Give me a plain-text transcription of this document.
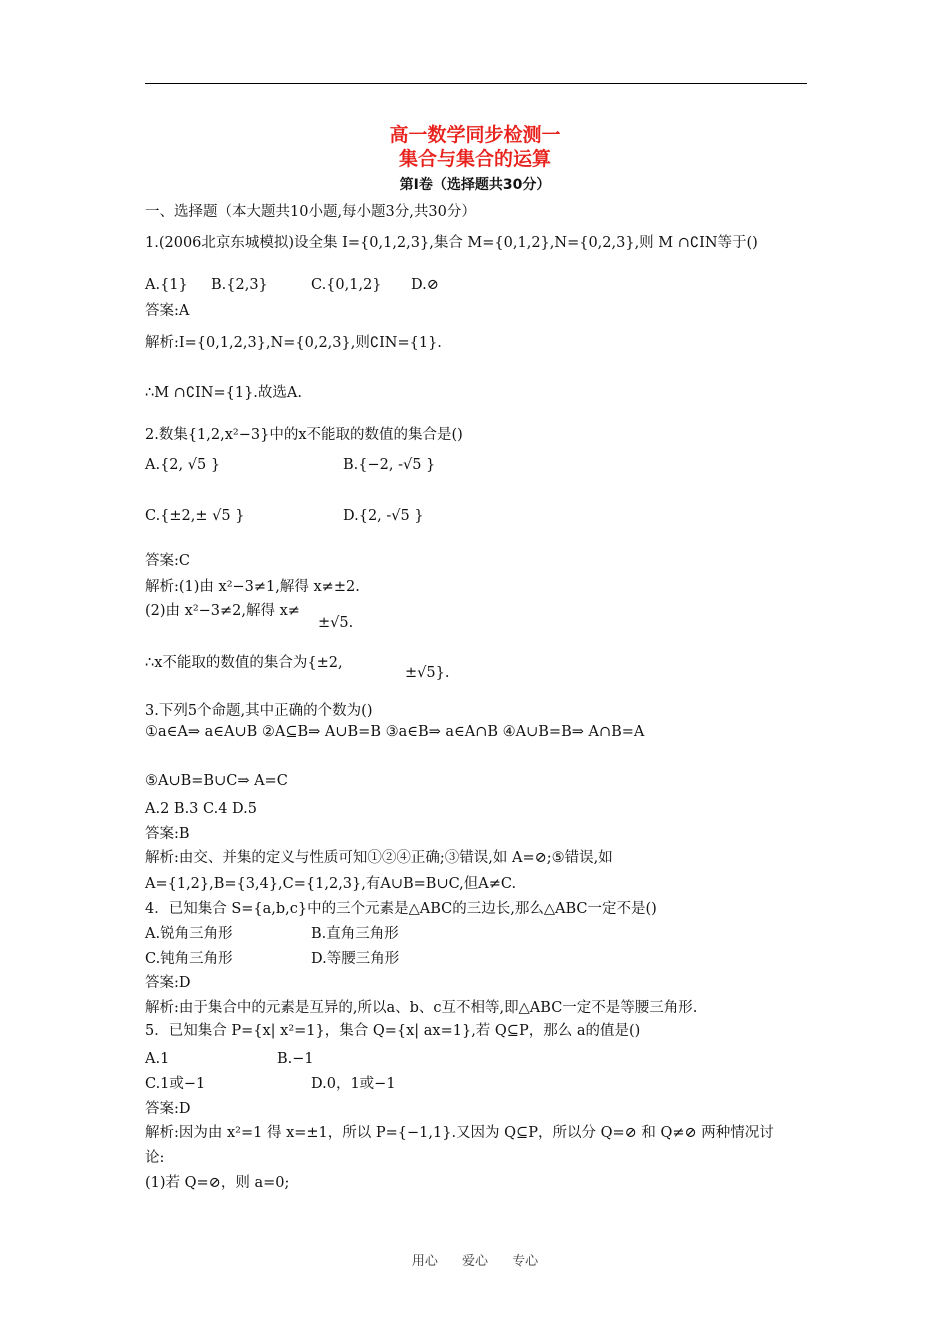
高一数学同步检测一
集合与集合的运算
第Ⅰ卷（选择题共30分）
一、选择题（本大题共10小题,每小题3分,共30分）
1.(2006北京东城模拟)设全集 I={0,1,2,3},集合 M={0,1,2},N={0,2,3},则 M ∩∁IN等于()
A.{1} B.{2,3}	C.{0,1,2} D.⊘
答案:A
解析:I={0,1,2,3},N={0,2,3},则∁IN={1}.
∴M ∩∁IN={1}.故选A.
2.数集{1,2,x²−3}中的x不能取的数值的集合是()
A.{2, √5 }	B.{−2, -√5 }
C.{±2,± √5 }	D.{2, -√5 }
答案:C
解析:(1)由 x²−3≠1,解得 x≠±2.
(2)由 x²−3≠2,解得 x≠
±√5.
∴x不能取的数值的集合为{±2,
±√5}.
3.下列5个命题,其中正确的个数为()
①a∈A⇒ a∈A∪B ②A⊆B⇒ A∪B=B ③a∈B⇒ a∈A∩B ④A∪B=B⇒ A∩B=A
⑤A∪B=B∪C⇒ A=C
A.2 B.3 C.4 D.5
答案:B
解析:由交、并集的定义与性质可知①②④正确;③错误,如 A=⊘;⑤错误,如
A={1,2},B={3,4},C={1,2,3},有A∪B=B∪C,但A≠C.
4．已知集合 S={a,b,c}中的三个元素是△ABC的三边长,那么△ABC一定不是()
A.锐角三角形	B.直角三角形
C.钝角三角形	D.等腰三角形
答案:D
解析:由于集合中的元素是互异的,所以a、b、c互不相等,即△ABC一定不是等腰三角形.
5．已知集合 P={x| x²=1}，集合 Q={x| ax=1},若 Q⊆P，那么 a的值是()
A.1	B.−1
C.1或−1	D.0，1或−1
答案:D
解析:因为由 x²=1 得 x=±1，所以 P={−1,1}.又因为 Q⊆P，所以分 Q=⊘ 和 Q≠⊘ 两种情况讨
论:
(1)若 Q=⊘，则 a=0;
用心 爱心 专心
